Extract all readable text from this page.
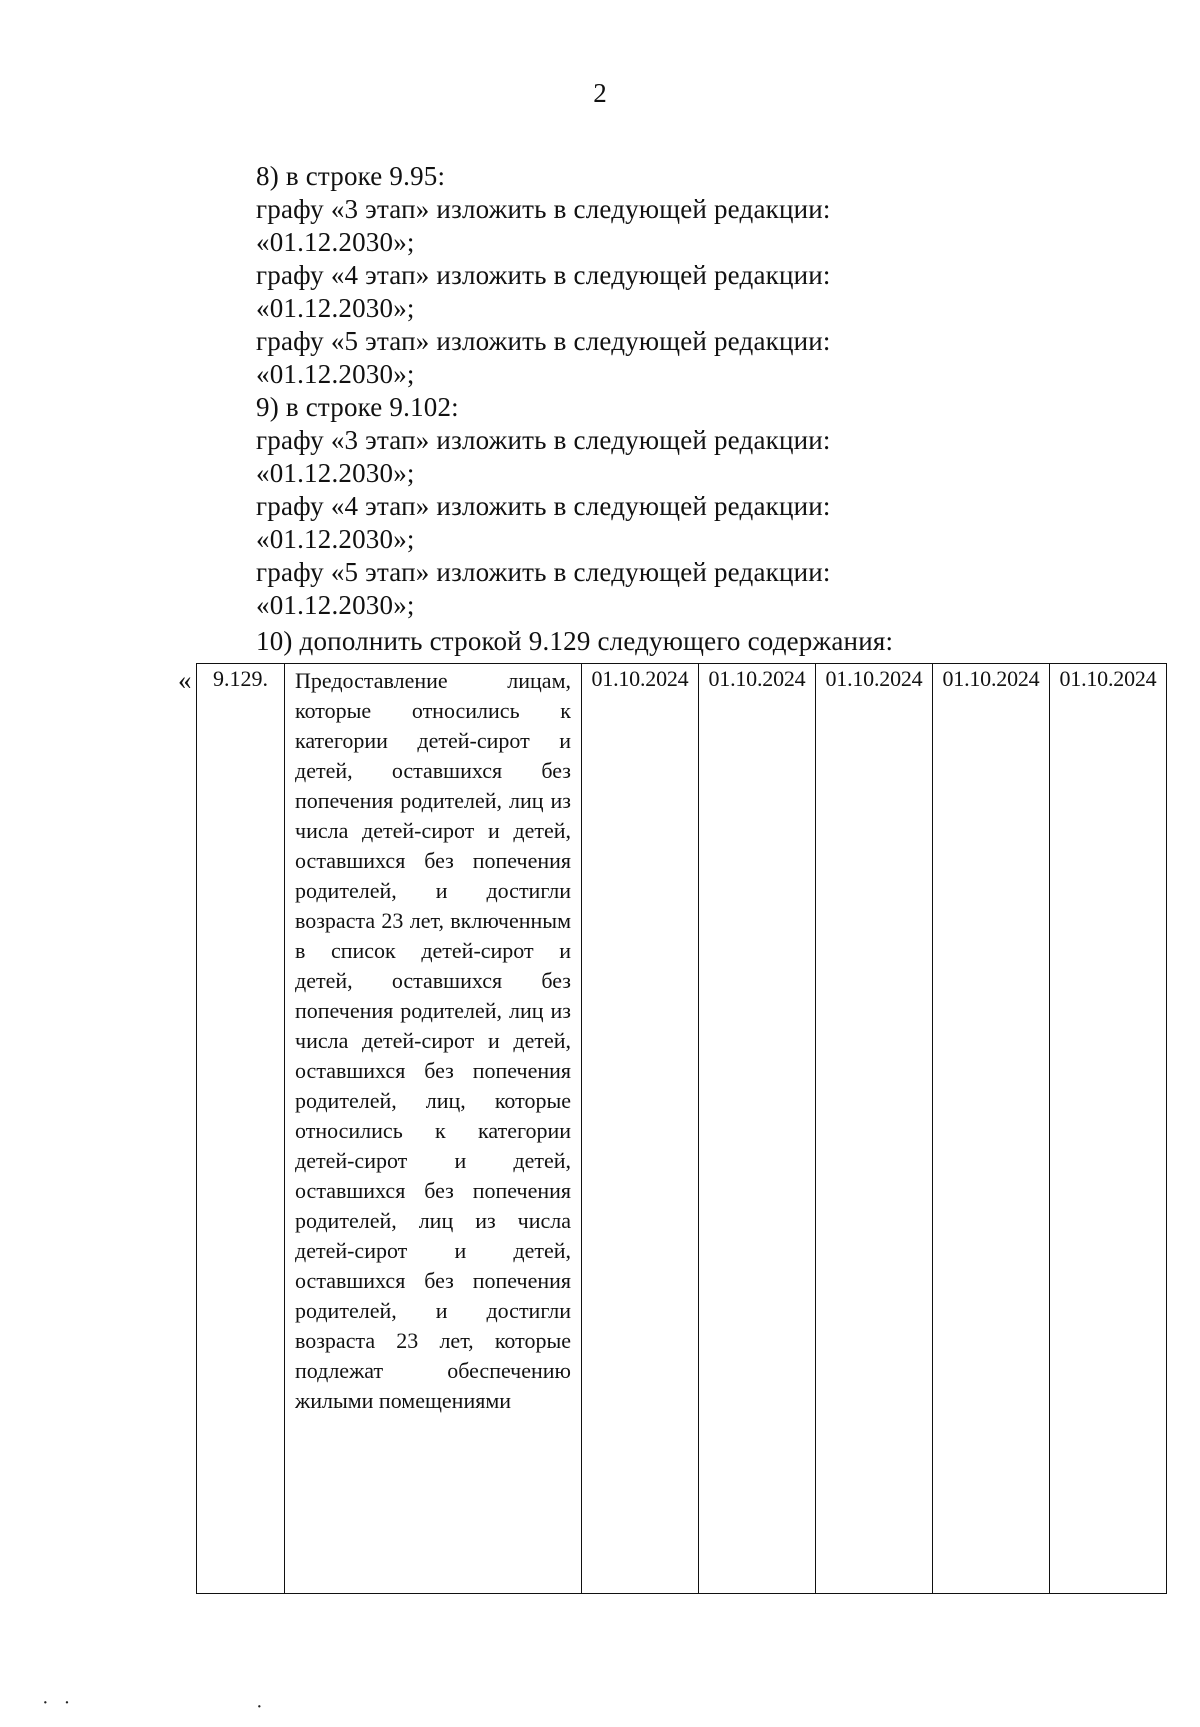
2
8) в строке 9.95:
графу «3 этап» изложить в следующей редакции:
«01.12.2030»;
графу «4 этап» изложить в следующей редакции:
«01.12.2030»;
графу «5 этап» изложить в следующей редакции:
«01.12.2030»;
9) в строке 9.102:
графу «3 этап» изложить в следующей редакции:
«01.12.2030»;
графу «4 этап» изложить в следующей редакции:
«01.12.2030»;
графу «5 этап» изложить в следующей редакции:
«01.12.2030»;
10) дополнить строкой 9.129 следующего содержания:
« 9.129.	Предоставление лицам, которые относились к категории детей-сирот и детей, оставшихся без попечения родителей, лиц из числа детей-сирот и детей, оставшихся без попечения родителей, и достигли возраста 23 лет, включенным в список детей-сирот и детей, оставшихся без попечения родителей, лиц из числа детей-сирот и детей, оставшихся без попечения родителей, лиц, которые относились к категории детей-сирот и детей, оставшихся без попечения родителей, лиц из числа детей-сирот и детей, оставшихся без попечения родителей, и достигли возраста 23 лет, которые подлежат обеспечению жилыми помещениями	01.10.2024	01.10.2024	01.10.2024	01.10.2024	01.10.2024
·   ·	·
